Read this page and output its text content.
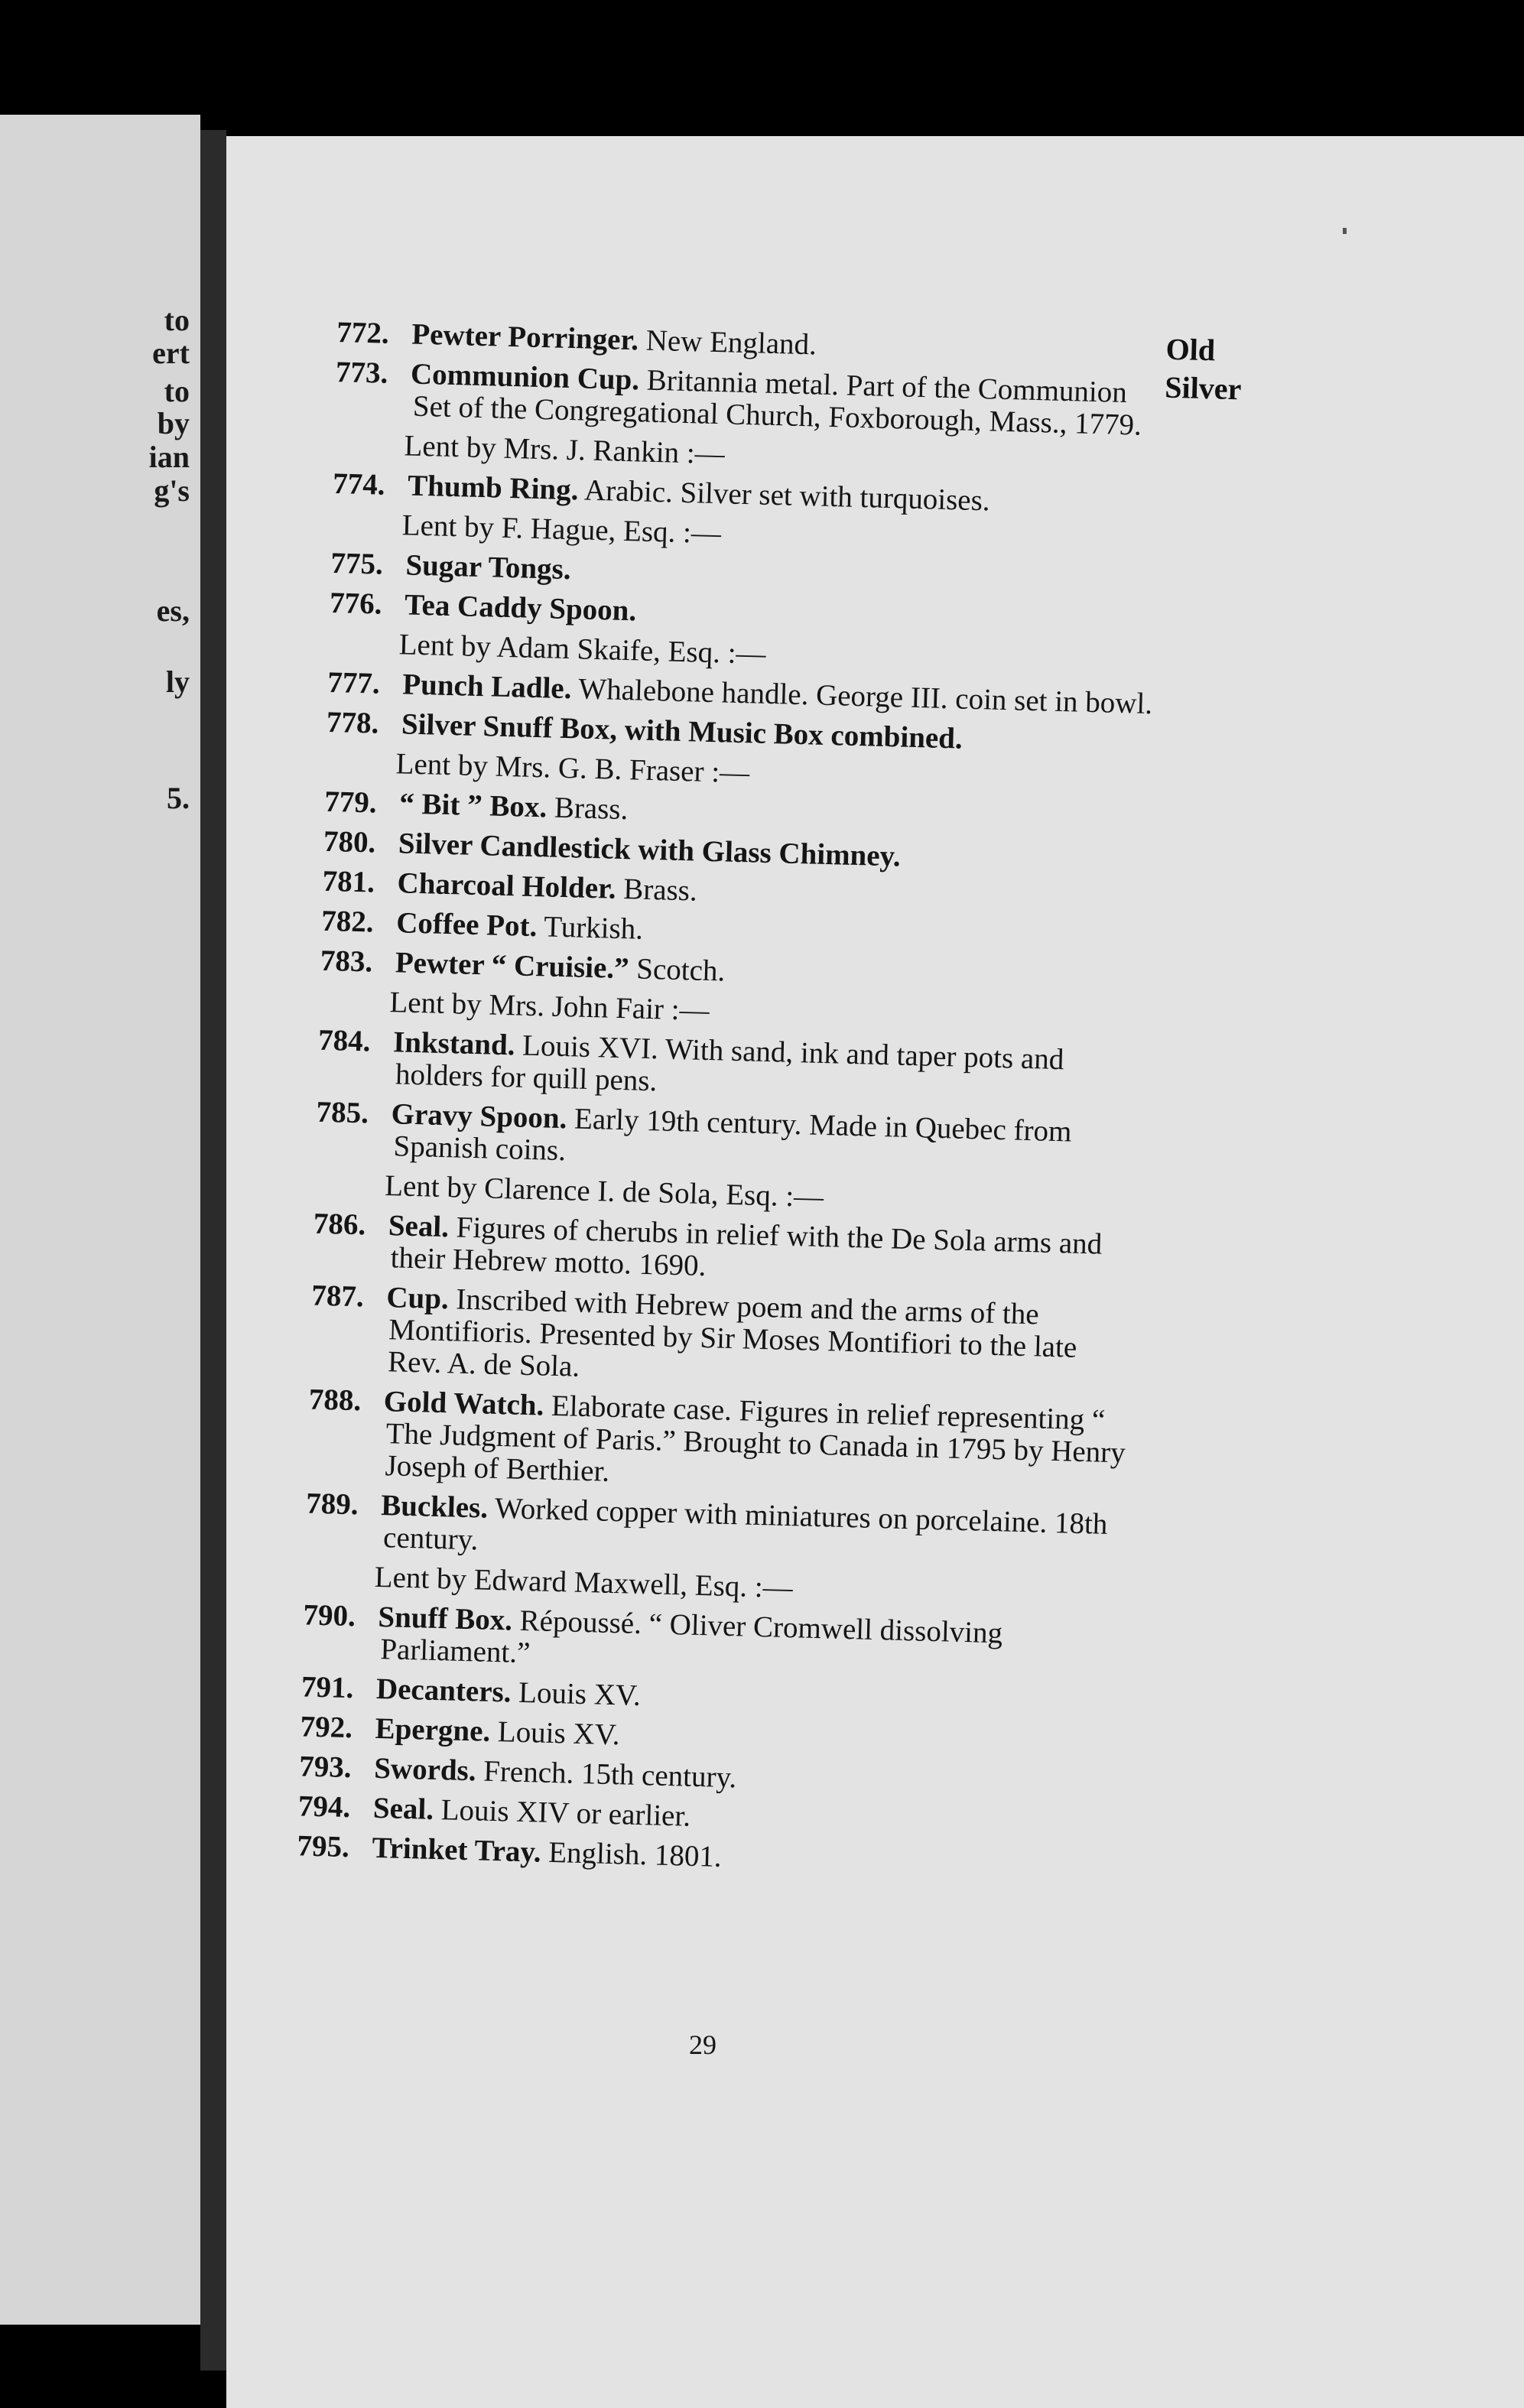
to
ert
to
by
ian
g's
es,
ly
5.
Old
Silver
772. Pewter Porringer. New England.
773. Communion Cup. Britannia metal. Part of the Communion Set of the Congregational Church, Foxborough, Mass., 1779.
Lent by Mrs. J. Rankin :—
774. Thumb Ring. Arabic. Silver set with turquoises.
Lent by F. Hague, Esq. :—
775. Sugar Tongs.
776. Tea Caddy Spoon.
Lent by Adam Skaife, Esq. :—
777. Punch Ladle. Whalebone handle. George III. coin set in bowl.
778. Silver Snuff Box, with Music Box combined.
Lent by Mrs. G. B. Fraser :—
779. “ Bit ” Box. Brass.
780. Silver Candlestick with Glass Chimney.
781. Charcoal Holder. Brass.
782. Coffee Pot. Turkish.
783. Pewter “ Cruisie.” Scotch.
Lent by Mrs. John Fair :—
784. Inkstand. Louis XVI. With sand, ink and taper pots and holders for quill pens.
785. Gravy Spoon. Early 19th century. Made in Quebec from Spanish coins.
Lent by Clarence I. de Sola, Esq. :—
786. Seal. Figures of cherubs in relief with the De Sola arms and their Hebrew motto. 1690.
787. Cup. Inscribed with Hebrew poem and the arms of the Montifioris. Presented by Sir Moses Montifiori to the late Rev. A. de Sola.
788. Gold Watch. Elaborate case. Figures in relief representing “ The Judgment of Paris.” Brought to Canada in 1795 by Henry Joseph of Berthier.
789. Buckles. Worked copper with miniatures on porcelaine. 18th century.
Lent by Edward Maxwell, Esq. :—
790. Snuff Box. Répoussé. “ Oliver Cromwell dissolving Parliament.”
791. Decanters. Louis XV.
792. Epergne. Louis XV.
793. Swords. French. 15th century.
794. Seal. Louis XIV or earlier.
795. Trinket Tray. English. 1801.
29
